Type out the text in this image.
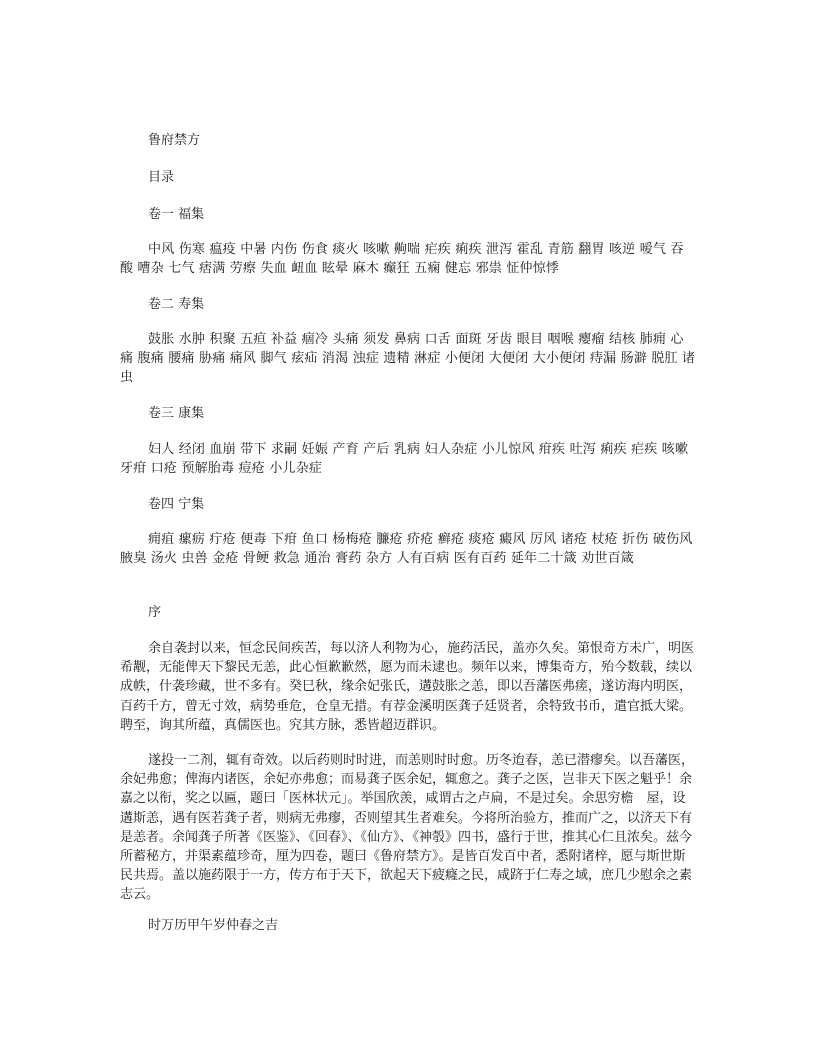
鲁府禁方
目录
卷一 福集

中风 伤寒 瘟疫 中暑 内伤 伤食 痰火 咳嗽 齁喘 疟疾 痢疾 泄泻 霍乱 青筋 翻胃 咳逆 嗳气 吞酸 嘈杂 七气 痞满 劳瘵 失血 衄血 眩晕 麻木 癫狂 五痫 健忘 邪祟 怔仲惊悸

卷二 寿集

鼓胀 水肿 积聚 五疸 补益 痼冷 头痛 须发 鼻病 口舌 面斑 牙齿 眼目 咽喉 瘿瘤 结核 肺痈 心痛 腹痛 腰痛 胁痛 痛风 脚气 痃疝 消渴 浊症 遗精 淋症 小便闭 大便闭 大小便闭 痔漏 肠澼 脱肛 诸虫

卷三 康集

妇人 经闭 血崩 带下 求嗣 妊娠 产育 产后 乳病 妇人杂症 小儿惊风 疳疾 吐泻 痢疾 疟疾 咳嗽 牙疳 口疮 预解胎毒 痘疮 小儿杂症

卷四 宁集

痈疽 瘰疬 疔疮 便毒 下疳 鱼口 杨梅疮 臁疮 疥疮 癣疮 痰疮 癜风 厉风 诸疮 杖疮 折伤 破伤风 腋臭 汤火 虫兽 金疮 骨鲠 救急 通治 膏药 杂方 人有百病 医有百药 延年二十箴 劝世百箴

序

余自袭封以来，恒念民间疾苦，每以济人利物为心，施药活民，盖亦久矣。第恨奇方未广，明医希觏，无能俾天下黎民无恙，此心恒歉歉然，愿为而未逮也。频年以来，博集奇方，殆今数载，续以成帙，什袭珍藏，世不多有。癸巳秋，缘余妃张氏，遘鼓胀之恙，即以吾藩医弗瘥，遂访海内明医，百药千方，曾无寸效，病势垂危，仓皇无措。有荐金溪明医龚子廷贤者，余特致书币，遣官抵大梁。聘至，询其所蕴，真儒医也。究其方脉，悉皆超迈群识。

遂投一二剂，辄有奇效。以后药则时时进，而恙则时时愈。历冬迨春，恙已潜瘳矣。以吾藩医，余妃弗愈；俾海内诸医，余妃亦弗愈；而易龚子医余妃，辄愈之。龚子之医，岂非天下医之魁乎！余嘉之以衔，奖之以匾，题曰「医林状元」。举国欣羡，咸谓古之卢扁，不是过矣。余思穷檐　屋，设遘斯恙，遇有医若龚子者，则病无弗瘳，否则望其生者难矣。今将所治验方，推而广之，以济天下有是恙者。余闻龚子所著《医鉴》、《回春》、《仙方》、《神彀》四书，盛行于世，推其心仁且浓矣。兹今所蓄秘方，并渠素蕴珍奇，厘为四卷，题曰《鲁府禁方》。是皆百发百中者，悉附诸梓，愿与斯世斯民共焉。盖以施药限于一方，传方布于天下，欲起天下疲癃之民，咸跻于仁寿之域，庶几少慰余之素志云。

时万历甲午岁仲春之吉
